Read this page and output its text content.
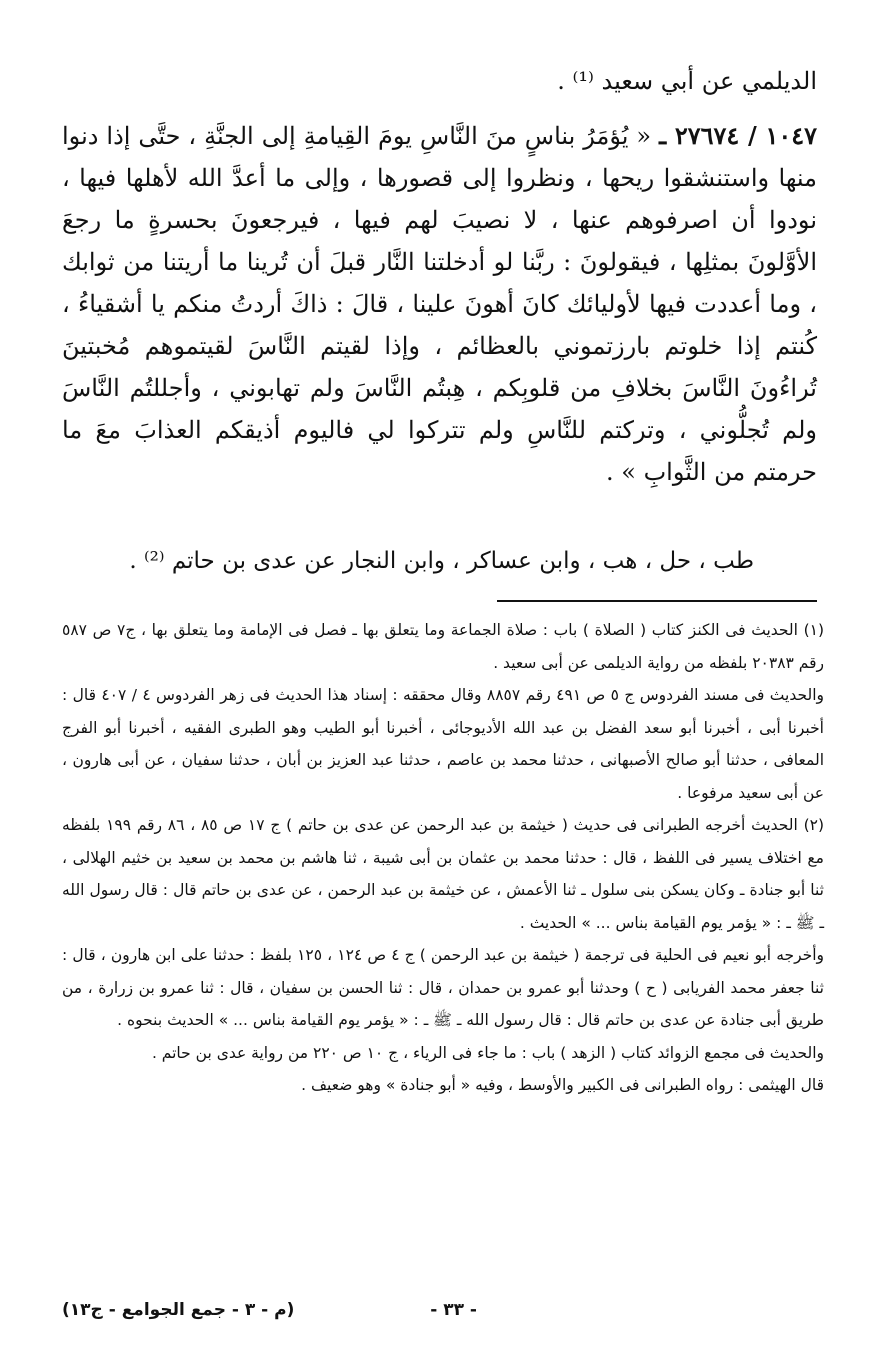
الديلمي عن أبي سعيد ⁽¹⁾ .
١٠٤٧ / ٢٧٦٧٤ ـ « يُؤمَرُ بناسٍ منَ النَّاسِ يومَ القِيامةِ إلى الجنَّةِ ، حتَّى إذا دنوا منها واستنشقوا ريحها ، ونظروا إلى قصورها ، وإلى ما أعدَّ الله لأهلها فيها ، نودوا أن اصرفوهم عنها ، لا نصيبَ لهم فيها ، فيرجعونَ بحسرةٍ ما رجعَ الأوَّلونَ بمثلِها ، فيقولونَ : ربَّنا لو أدخلتنا النَّار قبلَ أن تُرينا ما أريتنا من ثوابك ، وما أعددت فيها لأوليائك كانَ أهونَ علينا ، قالَ : ذاكَ أردتُ منكم يا أشقياءُ ، كُنتم إذا خلوتم بارزتموني بالعظائم ، وإذا لقيتم النَّاسَ لقيتموهم مُخبتينَ تُراءُونَ النَّاسَ بخلافِ من قلوبِكم ، هِبتُم النَّاسَ ولم تهابوني ، وأجللتُم النَّاسَ ولم تُجلُّوني ، وتركتم للنَّاسِ ولم تتركوا لي فاليوم أذيقكم العذابَ معَ ما حرمتم من الثَّوابِ » .
طب ، حل ، هب ، وابن عساكر ، وابن النجار عن عدى بن حاتم ⁽²⁾ .

(١) الحديث فى الكنز كتاب ( الصلاة ) باب : صلاة الجماعة وما يتعلق بها ـ فصل فى الإمامة وما يتعلق بها ، ج٧ ص ٥٨٧ رقم ٢٠٣٨٣ بلفظه من رواية الديلمى عن أبى سعيد .

والحديث فى مسند الفردوس ج ٥ ص ٤٩١ رقم ٨٨٥٧ وقال محققه : إسناد هذا الحديث فى زهر الفردوس ٤ / ٤٠٧ قال : أخبرنا أبى ، أخبرنا أبو سعد الفضل بن عبد الله الأديوجائى ، أخبرنا أبو الطيب وهو الطبرى الفقيه ، أخبرنا أبو الفرج المعافى ، حدثنا أبو صالح الأصبهانى ، حدثنا محمد بن عاصم ، حدثنا عبد العزيز بن أبان ، حدثنا سفيان ، عن أبى هارون ، عن أبى سعيد مرفوعا .

(٢) الحديث أخرجه الطبرانى فى حديث ( خيثمة بن عبد الرحمن عن عدى بن حاتم ) ج ١٧ ص ٨٥ ، ٨٦ رقم ١٩٩ بلفظه مع اختلاف يسير فى اللفظ ، قال : حدثنا محمد بن عثمان بن أبى شيبة ، ثنا هاشم بن محمد بن سعيد بن خثيم الهلالى ، ثنا أبو جنادة ـ وكان يسكن بنى سلول ـ ثنا الأعمش ، عن خيثمة بن عبد الرحمن ، عن عدى بن حاتم قال : قال رسول الله ـ ﷺ ـ : « يؤمر يوم القيامة بناس ... » الحديث .

وأخرجه أبو نعيم فى الحلية فى ترجمة ( خيثمة بن عبد الرحمن ) ج ٤ ص ١٢٤ ، ١٢٥ بلفظ : حدثنا على ابن هارون ، قال : ثنا جعفر محمد الفريابى ( ح ) وحدثنا أبو عمرو بن حمدان ، قال : ثنا الحسن بن سفيان ، قال : ثنا عمرو بن زرارة ، من طريق أبى جنادة عن عدى بن حاتم قال : قال رسول الله ـ ﷺ ـ : « يؤمر يوم القيامة بناس ... » الحديث بنحوه .

والحديث فى مجمع الزوائد كتاب ( الزهد ) باب : ما جاء فى الرياء ، ج ١٠ ص ٢٢٠ من رواية عدى بن حاتم .

قال الهيثمى : رواه الطبرانى فى الكبير والأوسط ، وفيه « أبو جنادة » وهو ضعيف .

- ٣٣ -
(م - ٣ - جمع الجوامع - ج١٣)
